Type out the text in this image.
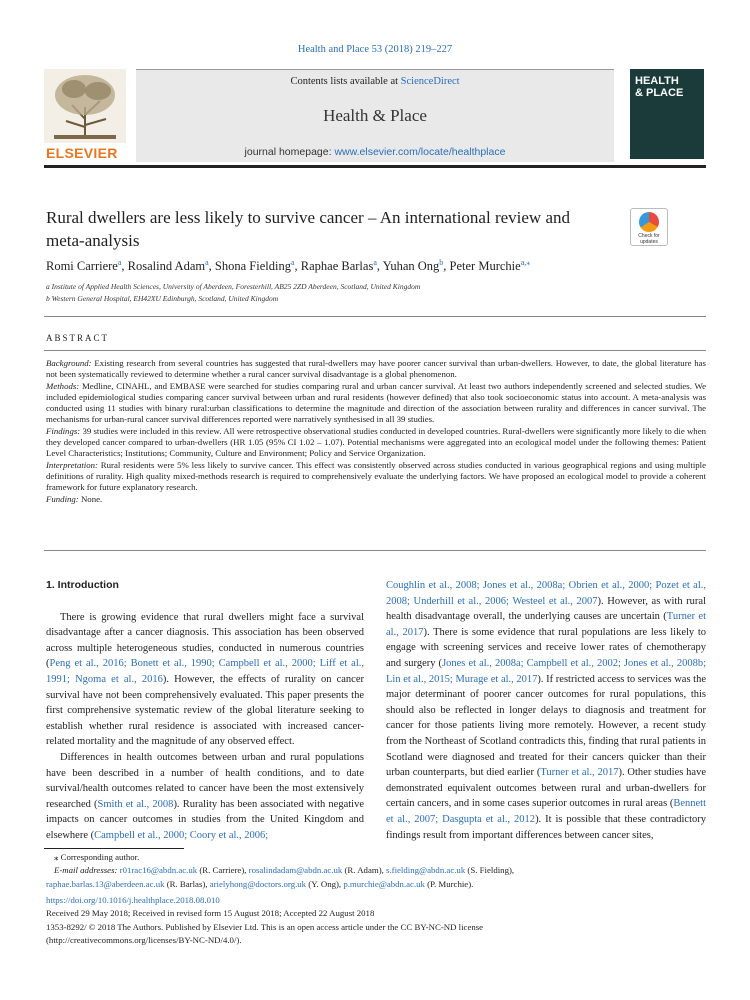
Health and Place 53 (2018) 219–227
ELSEVIER
Contents lists available at ScienceDirect
Health & Place
journal homepage: www.elsevier.com/locate/healthplace
HEALTH
& PLACE
Rural dwellers are less likely to survive cancer – An international review and meta-analysis	Check for updates
Romi Carriere$^a$, Rosalind Adam$^a$, Shona Fielding$^a$, Raphae Barlas$^a$, Yuhan Ong$^b$, Peter Murchie$^{a,⁎}$
a Institute of Applied Health Sciences, University of Aberdeen, Foresterhill, AB25 2ZD Aberdeen, Scotland, United Kingdom
b Western General Hospital, EH42XU Edinburgh, Scotland, United Kingdom
ABSTRACT

Background: Existing research from several countries has suggested that rural-dwellers may have poorer cancer survival than urban-dwellers. However, to date, the global literature has not been systematically reviewed to determine whether a rural cancer survival disadvantage is a global phenomenon.

Methods: Medline, CINAHL, and EMBASE were searched for studies comparing rural and urban cancer survival. At least two authors independently screened and selected studies. We included epidemiological studies comparing cancer survival between urban and rural residents (however defined) that also took socioeconomic status into account. A meta-analysis was conducted using 11 studies with binary rural:urban classifications to determine the magnitude and direction of the association between rurality and differences in cancer survival. The mechanisms for urban-rural cancer survival differences reported were narratively synthesised in all 39 studies.

Findings: 39 studies were included in this review. All were retrospective observational studies conducted in developed countries. Rural-dwellers were significantly more likely to die when they developed cancer compared to urban-dwellers (HR 1.05 (95% CI 1.02 – 1.07). Potential mechanisms were aggregated into an ecological model under the following themes: Patient Level Characteristics; Institutions; Community, Culture and Environment; Policy and Service Organization.

Interpretation: Rural residents were 5% less likely to survive cancer. This effect was consistently observed across studies conducted in various geographical regions and using multiple definitions of rurality. High quality mixed-methods research is required to comprehensively evaluate the underlying factors. We have proposed an ecological model to provide a coherent framework for future explanatory research.

Funding: None.

1. Introduction

There is growing evidence that rural dwellers might face a survival disadvantage after a cancer diagnosis. This association has been observed across multiple heterogeneous studies, conducted in numerous countries (Peng et al., 2016; Bonett et al., 1990; Campbell et al., 2000; Liff et al., 1991; Ngoma et al., 2016). However, the effects of rurality on cancer survival have not been comprehensively evaluated. This paper presents the first comprehensive systematic review of the global literature seeking to establish whether rural residence is associated with increased cancer-related mortality and the magnitude of any observed effect.

Differences in health outcomes between urban and rural populations have been described in a number of health conditions, and to date survival/health outcomes related to cancer have been the most extensively researched (Smith et al., 2008). Rurality has been associated with negative impacts on cancer outcomes in studies from the United Kingdom and elsewhere (Campbell et al., 2000; Coory et al., 2006;

Coughlin et al., 2008; Jones et al., 2008a; Obrien et al., 2000; Pozet et al., 2008; Underhill et al., 2006; Westeel et al., 2007). However, as with rural health disadvantage overall, the underlying causes are uncertain (Turner et al., 2017). There is some evidence that rural populations are less likely to engage with screening services and receive lower rates of chemotherapy and surgery (Jones et al., 2008a; Campbell et al., 2002; Jones et al., 2008b; Lin et al., 2015; Murage et al., 2017). If restricted access to services was the major determinant of poorer cancer outcomes for rural populations, this should also be reflected in longer delays to diagnosis and treatment for cancer for those patients living more remotely. However, a recent study from the Northeast of Scotland contradicts this, finding that rural patients in Scotland were diagnosed and treated for their cancers quicker than their urban counterparts, but died earlier (Turner et al., 2017). Other studies have demonstrated equivalent outcomes between rural and urban-dwellers for certain cancers, and in some cases superior outcomes in rural areas (Bennett et al., 2007; Dasgupta et al., 2012). It is possible that these contradictory findings result from important differences between cancer sites,

⁎ Corresponding author.
E-mail addresses: r01rac16@abdn.ac.uk (R. Carriere), rosalindadam@abdn.ac.uk (R. Adam), s.fielding@abdn.ac.uk (S. Fielding),
raphae.barlas.13@aberdeen.ac.uk (R. Barlas), arielyhong@doctors.org.uk (Y. Ong), p.murchie@abdn.ac.uk (P. Murchie).
https://doi.org/10.1016/j.healthplace.2018.08.010
Received 29 May 2018; Received in revised form 15 August 2018; Accepted 22 August 2018
1353-8292/ © 2018 The Authors. Published by Elsevier Ltd. This is an open access article under the CC BY-NC-ND license
(http://creativecommons.org/licenses/BY-NC-ND/4.0/).
